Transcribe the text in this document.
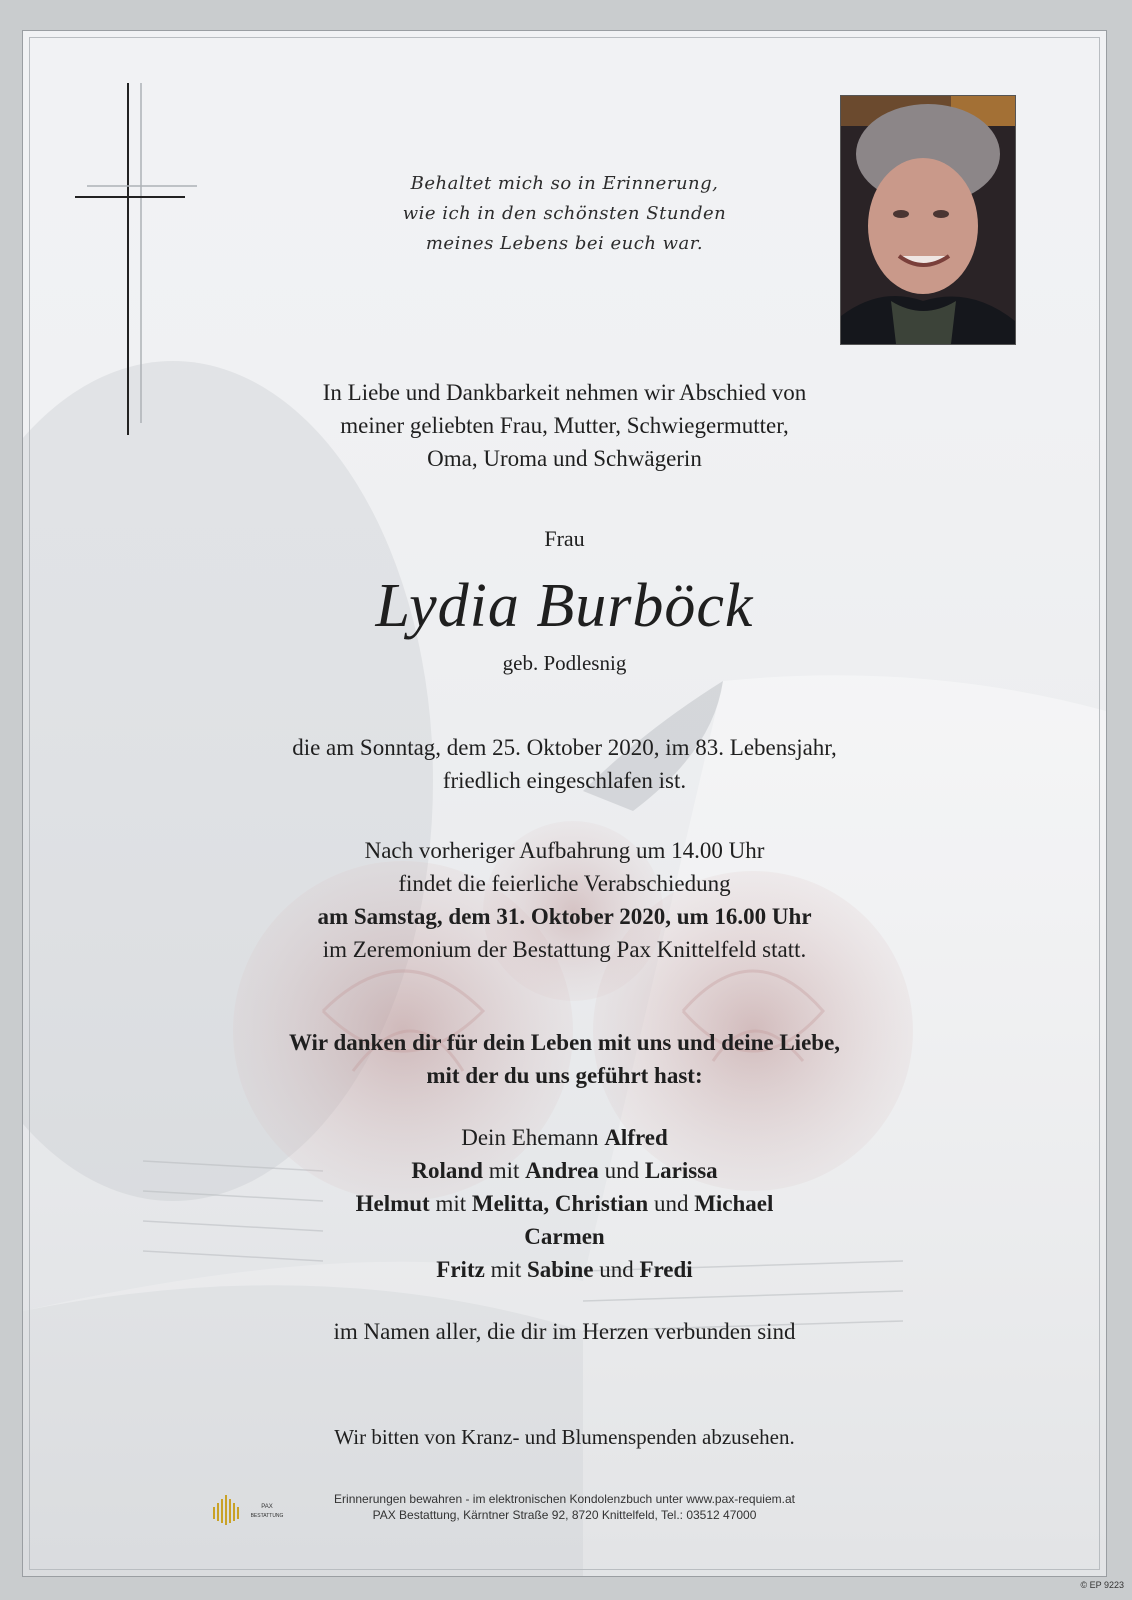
Behaltet mich so in Erinnerung,
wie ich in den schönsten Stunden
meines Lebens bei euch war.
In Liebe und Dankbarkeit nehmen wir Abschied von
meiner geliebten Frau, Mutter, Schwiegermutter,
Oma, Uroma und Schwägerin
Frau
Lydia Burböck
geb. Podlesnig
die am Sonntag, dem 25. Oktober 2020, im 83. Lebensjahr,
friedlich eingeschlafen ist.
Nach vorheriger Aufbahrung um 14.00 Uhr
findet die feierliche Verabschiedung
am Samstag, dem 31. Oktober 2020, um 16.00 Uhr
im Zeremonium der Bestattung Pax Knittelfeld statt.
Wir danken dir für dein Leben mit uns und deine Liebe,
mit der du uns geführt hast:
Dein Ehemann Alfred
Roland mit Andrea und Larissa
Helmut mit Melitta, Christian und Michael
Carmen
Fritz mit Sabine und Fredi
im Namen aller, die dir im Herzen verbunden sind
Wir bitten von Kranz- und Blumenspenden abzusehen.
PAX
BESTATTUNG
Erinnerungen bewahren - im elektronischen Kondolenzbuch unter www.pax-requiem.at
PAX Bestattung, Kärntner Straße 92, 8720 Knittelfeld, Tel.: 03512 47000
© EP 9223
